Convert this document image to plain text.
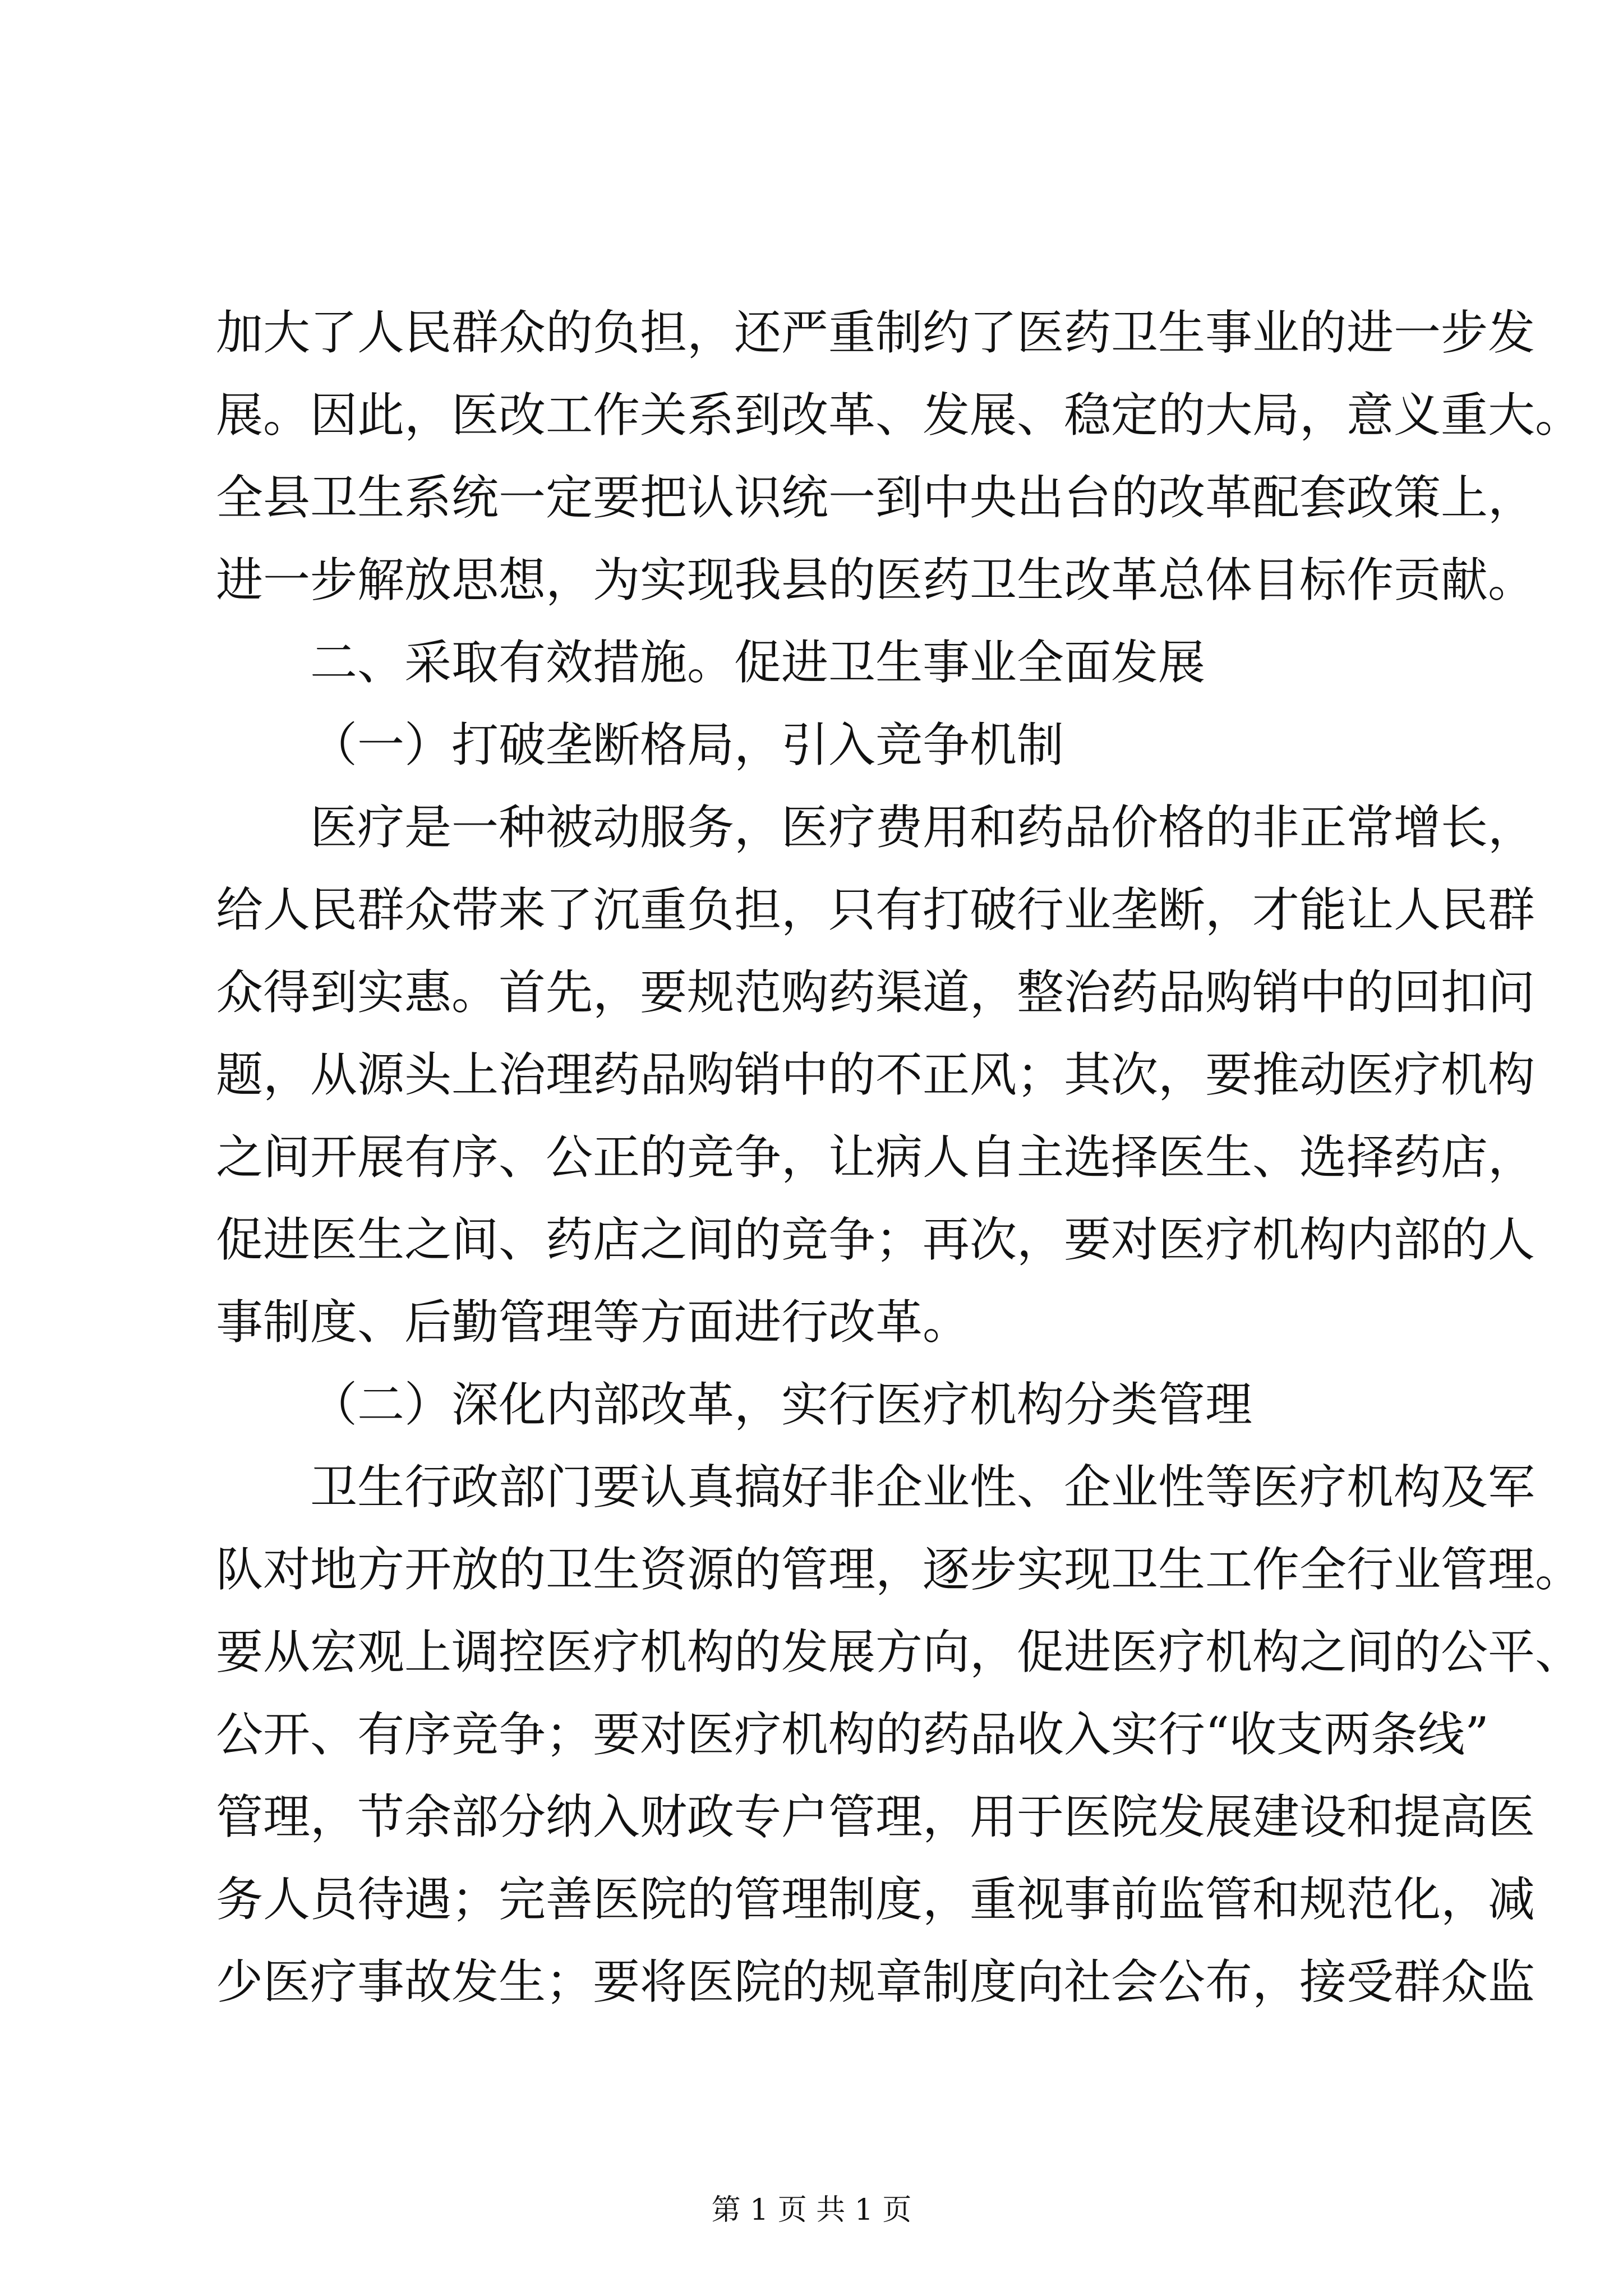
加大了人民群众的负担，还严重制约了医药卫生事业的进一步发
展。因此，医改工作关系到改革、发展、稳定的大局，意义重大。
全县卫生系统一定要把认识统一到中央出台的改革配套政策上，
进一步解放思想，为实现我县的医药卫生改革总体目标作贡献。
二、采取有效措施。促进卫生事业全面发展
（一）打破垄断格局，引入竞争机制
医疗是一种被动服务，医疗费用和药品价格的非正常增长，
给人民群众带来了沉重负担，只有打破行业垄断，才能让人民群
众得到实惠。首先，要规范购药渠道，整治药品购销中的回扣问
题，从源头上治理药品购销中的不正风；其次，要推动医疗机构
之间开展有序、公正的竞争，让病人自主选择医生、选择药店，
促进医生之间、药店之间的竞争；再次，要对医疗机构内部的人
事制度、后勤管理等方面进行改革。
（二）深化内部改革，实行医疗机构分类管理
卫生行政部门要认真搞好非企业性、企业性等医疗机构及军
队对地方开放的卫生资源的管理，逐步实现卫生工作全行业管理。
要从宏观上调控医疗机构的发展方向，促进医疗机构之间的公平、
公开、有序竞争；要对医疗机构的药品收入实行“收支两条线”
管理，节余部分纳入财政专户管理，用于医院发展建设和提高医
务人员待遇；完善医院的管理制度，重视事前监管和规范化，减
少医疗事故发生；要将医院的规章制度向社会公布，接受群众监
第 1 页 共 1 页
